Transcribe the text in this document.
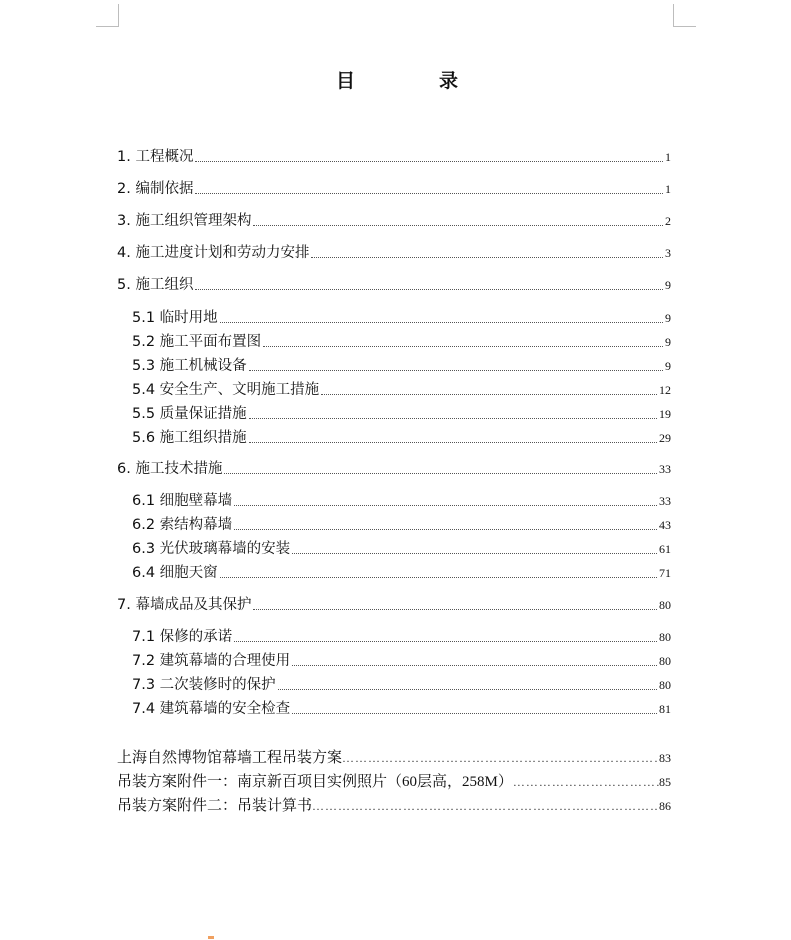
目	录
1. 工程概况	1
2. 编制依据	1
3. 施工组织管理架构	2
4. 施工进度计划和劳动力安排	3
5. 施工组织	9
5.1 临时用地	9
5.2 施工平面布置图	9
5.3 施工机械设备	9
5.4 安全生产、文明施工措施	12
5.5 质量保证措施	19
5.6 施工组织措施	29
6. 施工技术措施	33
6.1 细胞壁幕墙	33
6.2 索结构幕墙	43
6.3 光伏玻璃幕墙的安装	61
6.4 细胞天窗	71
7. 幕墙成品及其保护	80
7.1 保修的承诺	80
7.2 建筑幕墙的合理使用	80
7.3 二次装修时的保护	80
7.4 建筑幕墙的安全检查	81
上海自然博物馆幕墙工程吊装方案 ……………………………………………………………………………………………………………………	83
吊装方案附件一：南京新百项目实例照片（60层高，258M） ……………………………………………………………………………………………………………………	85
吊装方案附件二：吊装计算书 ……………………………………………………………………………………………………………………	86
